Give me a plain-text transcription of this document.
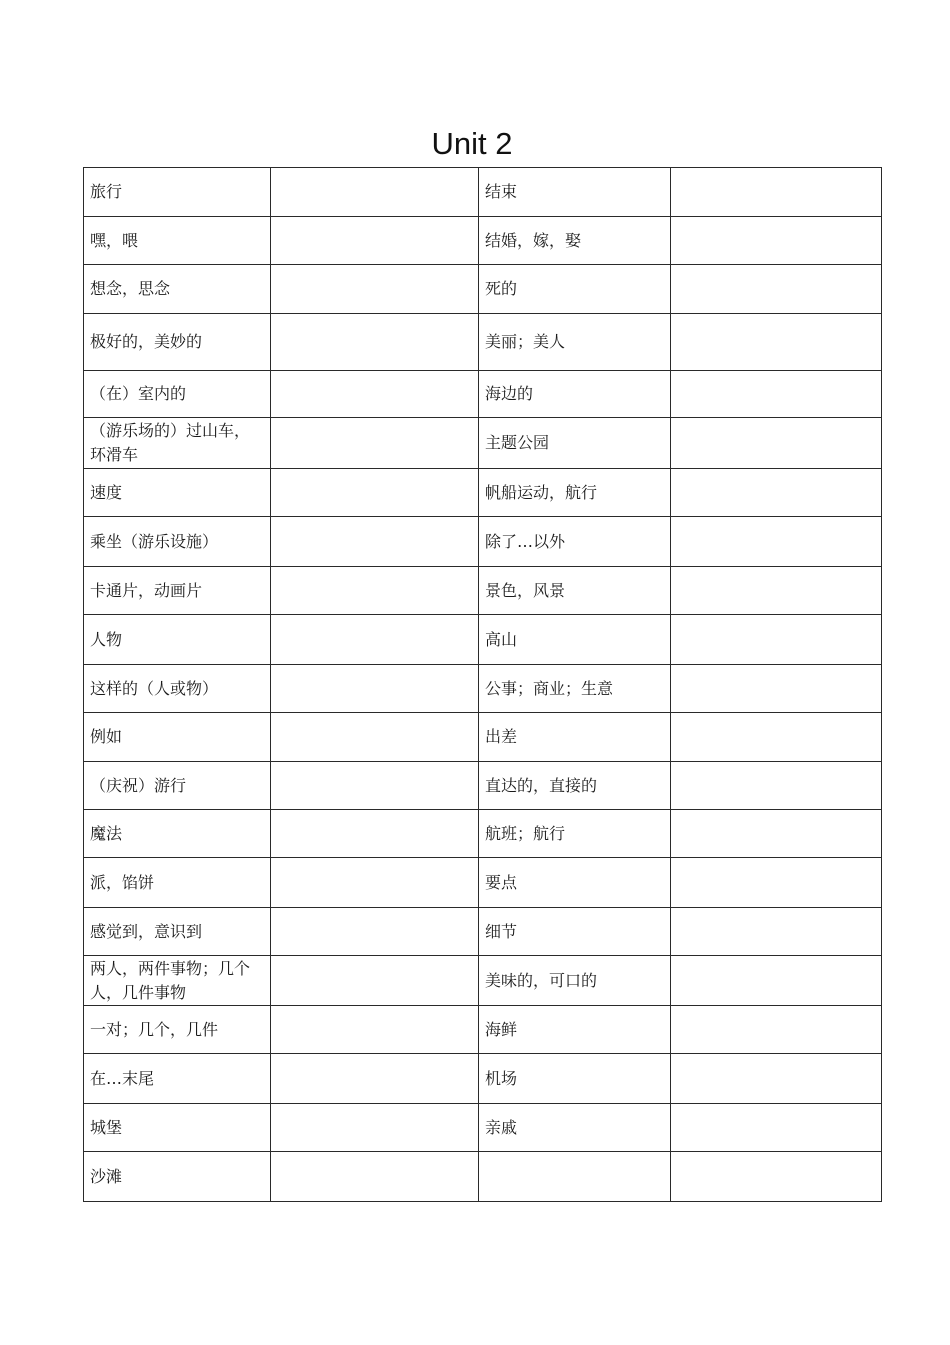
Unit 2
旅行		结束	
嘿，喂		结婚，嫁，娶	
想念，思念		死的	
极好的，美妙的		美丽；美人	
（在）室内的		海边的	
（游乐场的）过山车，环滑车		主题公园	
速度		帆船运动，航行	
乘坐（游乐设施）		除了…以外	
卡通片，动画片		景色，风景	
人物		高山	
这样的（人或物）		公事；商业；生意	
例如		出差	
（庆祝）游行		直达的，直接的	
魔法		航班；航行	
派，馅饼		要点	
感觉到，意识到		细节	
两人，两件事物；几个人，几件事物		美味的，可口的	
一对；几个，几件		海鲜	
在…末尾		机场	
城堡		亲戚	
沙滩			
